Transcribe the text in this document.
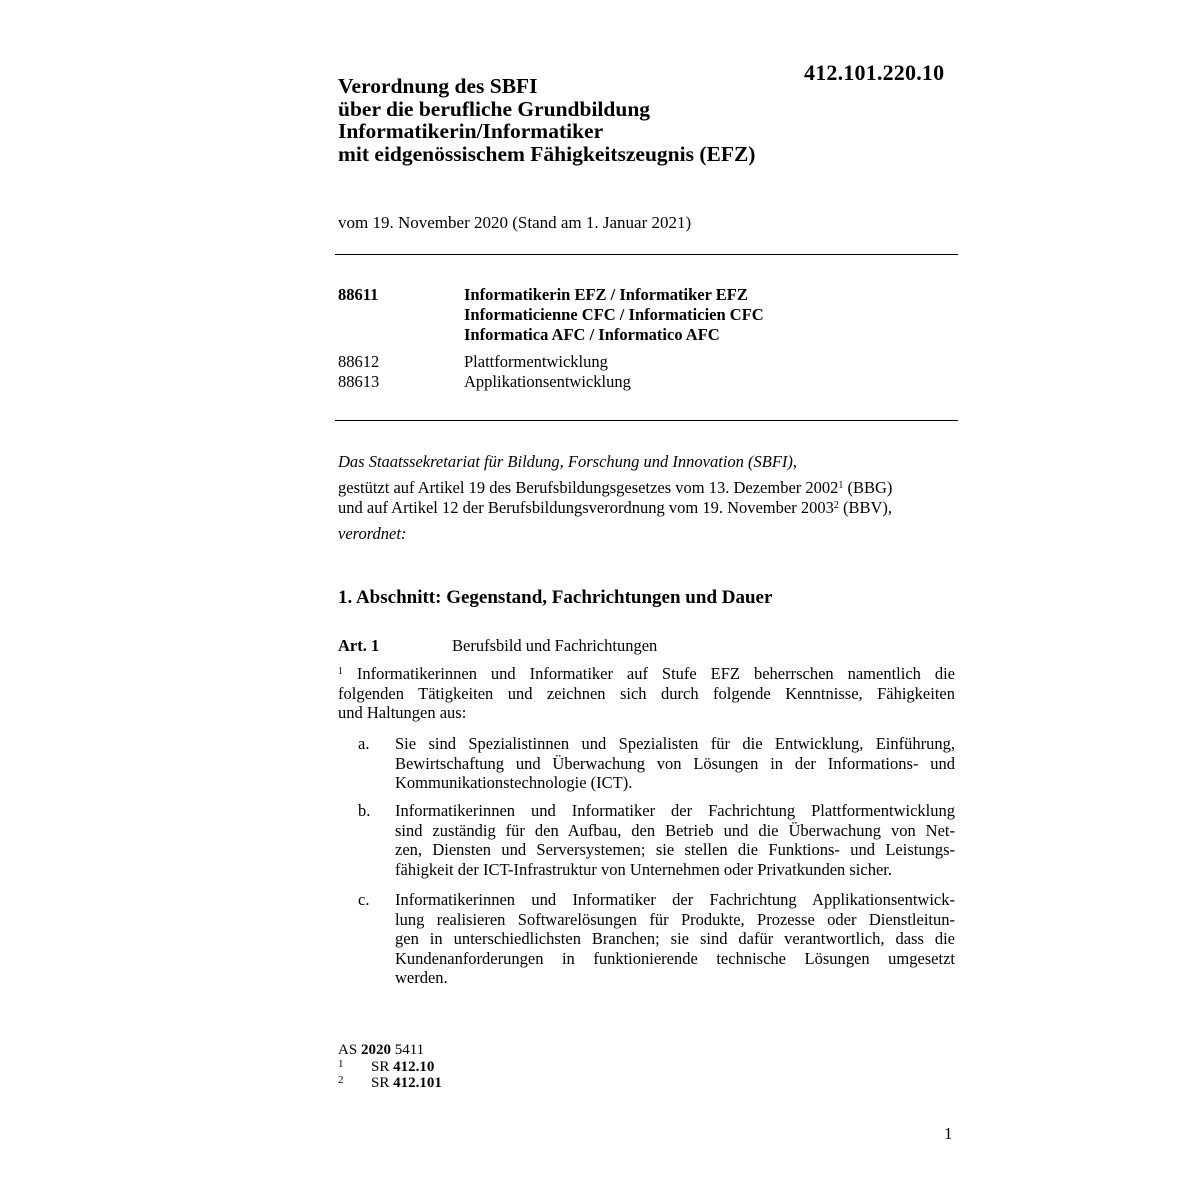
412.101.220.10
Verordnung des SBFI
über die berufliche Grundbildung
Informatikerin/Informatiker
mit eidgenössischem Fähigkeitszeugnis (EFZ)
vom 19. November 2020 (Stand am 1. Januar 2021)
88611	Informatikerin EFZ / Informatiker EFZ
Informaticienne CFC / Informaticien CFC
Informatica AFC / Informatico AFC
88612	Plattformentwicklung
88613	Applikationsentwicklung
Das Staatssekretariat für Bildung, Forschung und Innovation (SBFI),
gestützt auf Artikel 19 des Berufsbildungsgesetzes vom 13. Dezember 2002$^1$ (BBG)
und auf Artikel 12 der Berufsbildungsverordnung vom 19. November 2003$^2$ (BBV),
verordnet:
1. Abschnitt: Gegenstand, Fachrichtungen und Dauer
Art. 1	Berufsbild und Fachrichtungen
$^1$ Informatikerinnen und Informatiker auf Stufe EFZ beherrschen namentlich die
folgenden Tätigkeiten und zeichnen sich durch folgende Kenntnisse, Fähigkeiten
und Haltungen aus:
a. Sie sind Spezialistinnen und Spezialisten für die Entwicklung, Einführung,
Bewirtschaftung und Überwachung von Lösungen in der Informations- und
Kommunikationstechnologie (ICT).
b. Informatikerinnen und Informatiker der Fachrichtung Plattformentwicklung
sind zuständig für den Aufbau, den Betrieb und die Überwachung von Net-
zen, Diensten und Serversystemen; sie stellen die Funktions- und Leistungs-
fähigkeit der ICT-Infrastruktur von Unternehmen oder Privatkunden sicher.
c. Informatikerinnen und Informatiker der Fachrichtung Applikationsentwick-
lung realisieren Softwarelösungen für Produkte, Prozesse oder Dienstleitun-
gen in unterschiedlichsten Branchen; sie sind dafür verantwortlich, dass die
Kundenanforderungen in funktionierende technische Lösungen umgesetzt
werden.
AS 2020 5411
1 SR 412.10
2 SR 412.101
1
